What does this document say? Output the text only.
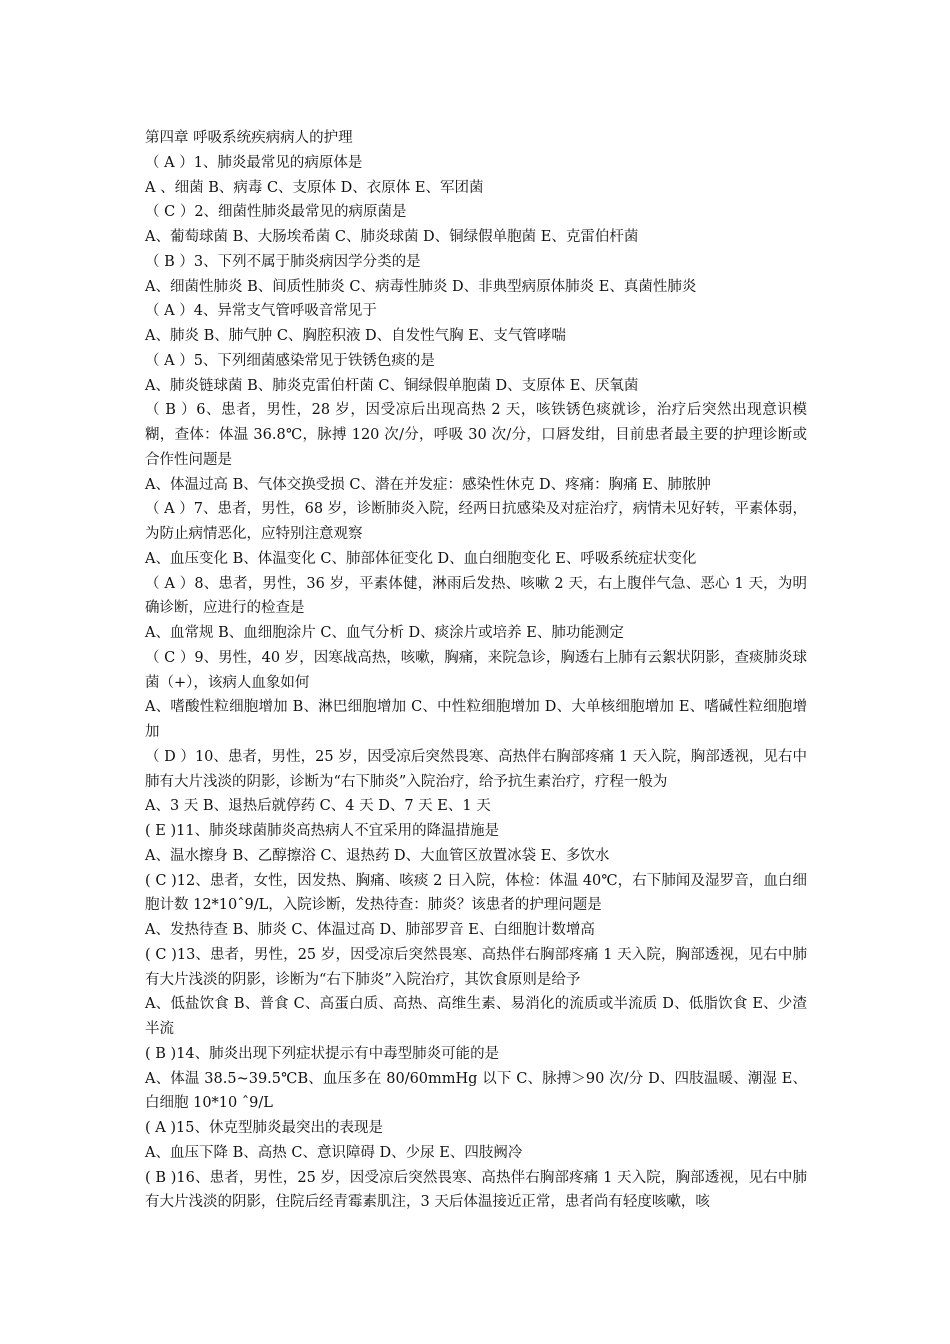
第四章 呼吸系统疾病病人的护理

（ A ）1、肺炎最常见的病原体是

A 、细菌 B、病毒 C、支原体 D、衣原体 E、军团菌

（ C ）2、细菌性肺炎最常见的病原菌是

A、葡萄球菌 B、大肠埃希菌 C、肺炎球菌 D、铜绿假单胞菌 E、克雷伯杆菌

（ B ）3、下列不属于肺炎病因学分类的是

A、细菌性肺炎 B、间质性肺炎 C、病毒性肺炎 D、非典型病原体肺炎 E、真菌性肺炎

（ A ）4、异常支气管呼吸音常见于

A、肺炎 B、肺气肿 C、胸腔积液 D、自发性气胸 E、支气管哮喘

（ A ）5、下列细菌感染常见于铁锈色痰的是

A、肺炎链球菌 B、肺炎克雷伯杆菌 C、铜绿假单胞菌 D、支原体 E、厌氧菌

（ B ）6、患者，男性，28 岁，因受凉后出现高热 2 天，咳铁锈色痰就诊，治疗后突然出现意识模糊，查体：体温 36.8℃，脉搏 120 次/分，呼吸 30 次/分，口唇发绀，目前患者最主要的护理诊断或合作性问题是

A、体温过高 B、气体交换受损 C、潜在并发症：感染性休克 D、疼痛：胸痛 E、肺脓肿

（ A ）7、患者，男性，68 岁，诊断肺炎入院，经两日抗感染及对症治疗，病情未见好转，平素体弱，为防止病情恶化，应特别注意观察

A、血压变化 B、体温变化 C、肺部体征变化 D、血白细胞变化 E、呼吸系统症状变化

（ A ）8、患者，男性，36 岁，平素体健，淋雨后发热、咳嗽 2 天，右上腹伴气急、恶心 1 天，为明确诊断，应进行的检查是

A、血常规 B、血细胞涂片 C、血气分析 D、痰涂片或培养 E、肺功能测定

（ C ）9、男性，40 岁，因寒战高热，咳嗽，胸痛，来院急诊，胸透右上肺有云絮状阴影，查痰肺炎球菌（+），该病人血象如何

A、嗜酸性粒细胞增加 B、淋巴细胞增加 C、中性粒细胞增加 D、大单核细胞增加 E、嗜碱性粒细胞增加

（ D ）10、患者，男性，25 岁，因受凉后突然畏寒、高热伴右胸部疼痛 1 天入院，胸部透视，见右中肺有大片浅淡的阴影，诊断为“右下肺炎”入院治疗，给予抗生素治疗，疗程一般为

A、3 天 B、退热后就停药 C、4 天 D、7 天 E、1 天

( E )11、肺炎球菌肺炎高热病人不宜采用的降温措施是

A、温水擦身 B、乙醇擦浴 C、退热药 D、大血管区放置冰袋 E、多饮水

( C )12、患者，女性，因发热、胸痛、咳痰 2 日入院，体检：体温 40℃，右下肺闻及湿罗音，血白细胞计数 12*10ˆ9/L，入院诊断，发热待查：肺炎？该患者的护理问题是

A、发热待查 B、肺炎 C、体温过高 D、肺部罗音 E、白细胞计数增高

( C )13、患者，男性，25 岁，因受凉后突然畏寒、高热伴右胸部疼痛 1 天入院，胸部透视，见右中肺有大片浅淡的阴影，诊断为“右下肺炎”入院治疗，其饮食原则是给予

A、低盐饮食 B、普食 C、高蛋白质、高热、高维生素、易消化的流质或半流质 D、低脂饮食 E、少渣半流

( B )14、肺炎出现下列症状提示有中毒型肺炎可能的是

A、体温 38.5~39.5℃B、血压多在 80/60mmHg 以下 C、脉搏＞90 次/分 D、四肢温暖、潮湿 E、白细胞 10*10 ˆ9/L

( A )15、休克型肺炎最突出的表现是

A、血压下降 B、高热 C、意识障碍 D、少尿 E、四肢阙冷

( B )16、患者，男性，25 岁，因受凉后突然畏寒、高热伴右胸部疼痛 1 天入院，胸部透视，见右中肺有大片浅淡的阴影，住院后经青霉素肌注，3 天后体温接近正常，患者尚有轻度咳嗽，咳
